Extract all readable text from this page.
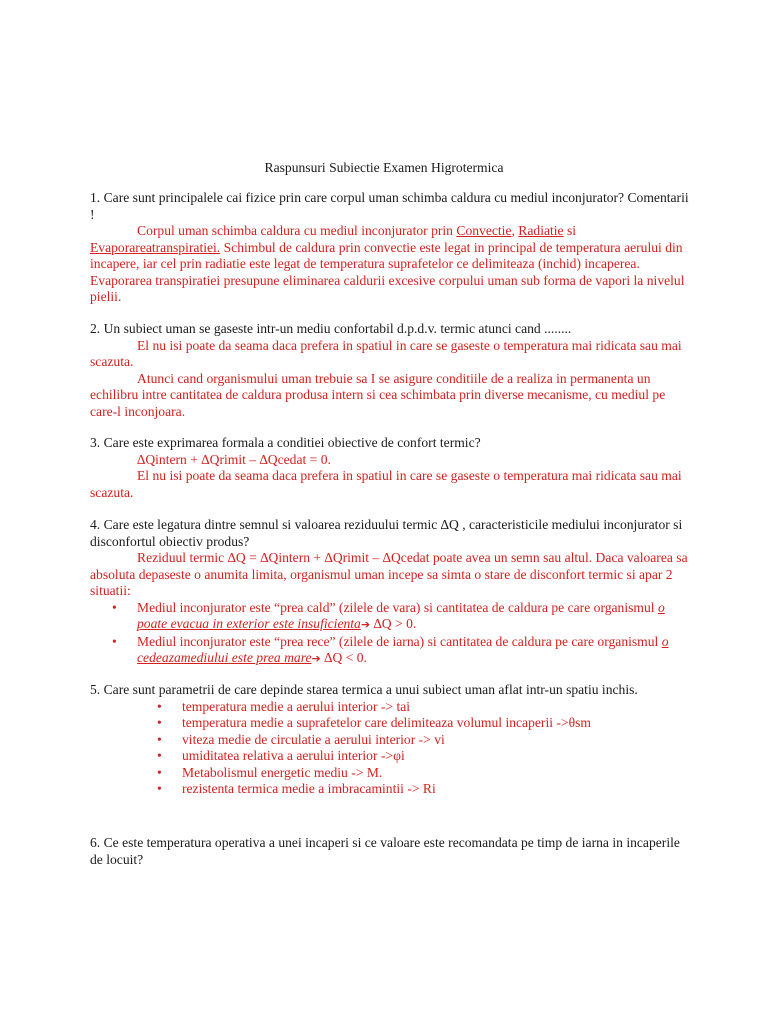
Raspunsuri Subiectie Examen Higrotermica

1. Care sunt principalele cai fizice prin care corpul uman schimba caldura cu mediul inconjurator? Comentarii !

Corpul uman schimba caldura cu mediul inconjurator prin Convectie, Radiatie si Evaporareatranspiratiei. Schimbul de caldura prin convectie este legat in principal de temperatura aerului din incapere, iar cel prin radiatie este legat de temperatura suprafetelor ce delimiteaza (inchid) incaperea. Evaporarea transpiratiei presupune eliminarea caldurii excesive corpului uman sub forma de vapori la nivelul pielii.

2. Un subiect uman se gaseste intr-un mediu confortabil d.p.d.v. termic atunci cand ........

El nu isi poate da seama daca prefera in spatiul in care se gaseste o temperatura mai ridicata sau mai scazuta.

Atunci cand organismului uman trebuie sa I se asigure conditiile de a realiza in permanenta un echilibru intre cantitatea de caldura produsa intern si cea schimbata prin diverse mecanisme, cu mediul pe care-l inconjoara.

3. Care este exprimarea formala a conditiei obiective de confort termic?

∆Qintern + ∆Qrimit – ∆Qcedat = 0.

El nu isi poate da seama daca prefera in spatiul in care se gaseste o temperatura mai ridicata sau mai scazuta.

4. Care este legatura dintre semnul si valoarea reziduului termic ∆Q , caracteristicile mediului inconjurator si disconfortul obiectiv produs?

Reziduul termic ∆Q = ∆Qintern + ∆Qrimit – ∆Qcedat poate avea un semn sau altul. Daca valoarea sa absoluta depaseste o anumita limita, organismul uman incepe sa simta o stare de disconfort termic si apar 2 situatii:

• Mediul inconjurator este “prea cald” (zilele de vara) si cantitatea de caldura pe care organismul o poate evacua in exterior este insuficienta➔ ∆Q > 0.
• Mediul inconjurator este “prea rece” (zilele de iarna) si cantitatea de caldura pe care organismul o cedeazamediului este prea mare➔ ∆Q < 0.

5. Care sunt parametrii de care depinde starea termica a unui subiect uman aflat intr-un spatiu inchis.

• temperatura medie a aerului interior -> tai
• temperatura medie a suprafetelor care delimiteaza volumul incaperii ->θsm
• viteza medie de circulatie a aerului interior -> vi
• umiditatea relativa a aerului interior ->φi
• Metabolismul energetic mediu -> M.
• rezistenta termica medie a imbracamintii -> Ri

6. Ce este temperatura operativa a unei incaperi si ce valoare este recomandata pe timp de iarna in incaperile de locuit?
